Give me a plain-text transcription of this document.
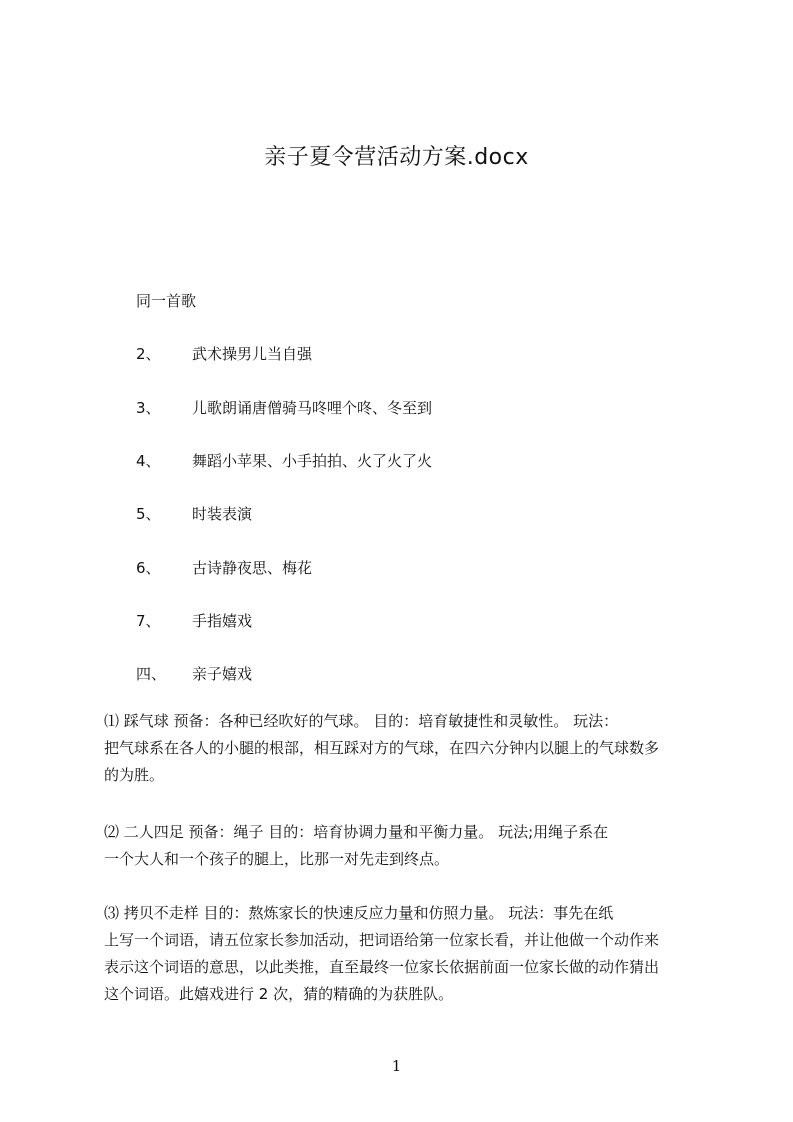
亲子夏令营活动方案.docx
同一首歌
2、 武术操男儿当自强
3、 儿歌朗诵唐僧骑马咚哩个咚、冬至到
4、 舞蹈小苹果、小手拍拍、火了火了火
5、 时装表演
6、 古诗静夜思、梅花
7、 手指嬉戏
四、 亲子嬉戏
⑴ 踩气球 预备：各种已经吹好的气球。 目的：培育敏捷性和灵敏性。 玩法：
把气球系在各人的小腿的根部，相互踩对方的气球，在四六分钟内以腿上的气球数多
的为胜。
⑵ 二人四足 预备：绳子 目的：培育协调力量和平衡力量。 玩法;用绳子系在
一个大人和一个孩子的腿上，比那一对先走到终点。
⑶ 拷贝不走样 目的：熬炼家长的快速反应力量和仿照力量。 玩法：事先在纸
上写一个词语，请五位家长参加活动，把词语给第一位家长看，并让他做一个动作来
表示这个词语的意思，以此类推，直至最终一位家长依据前面一位家长做的动作猜出
这个词语。此嬉戏进行 2 次，猜的精确的为获胜队。
1
